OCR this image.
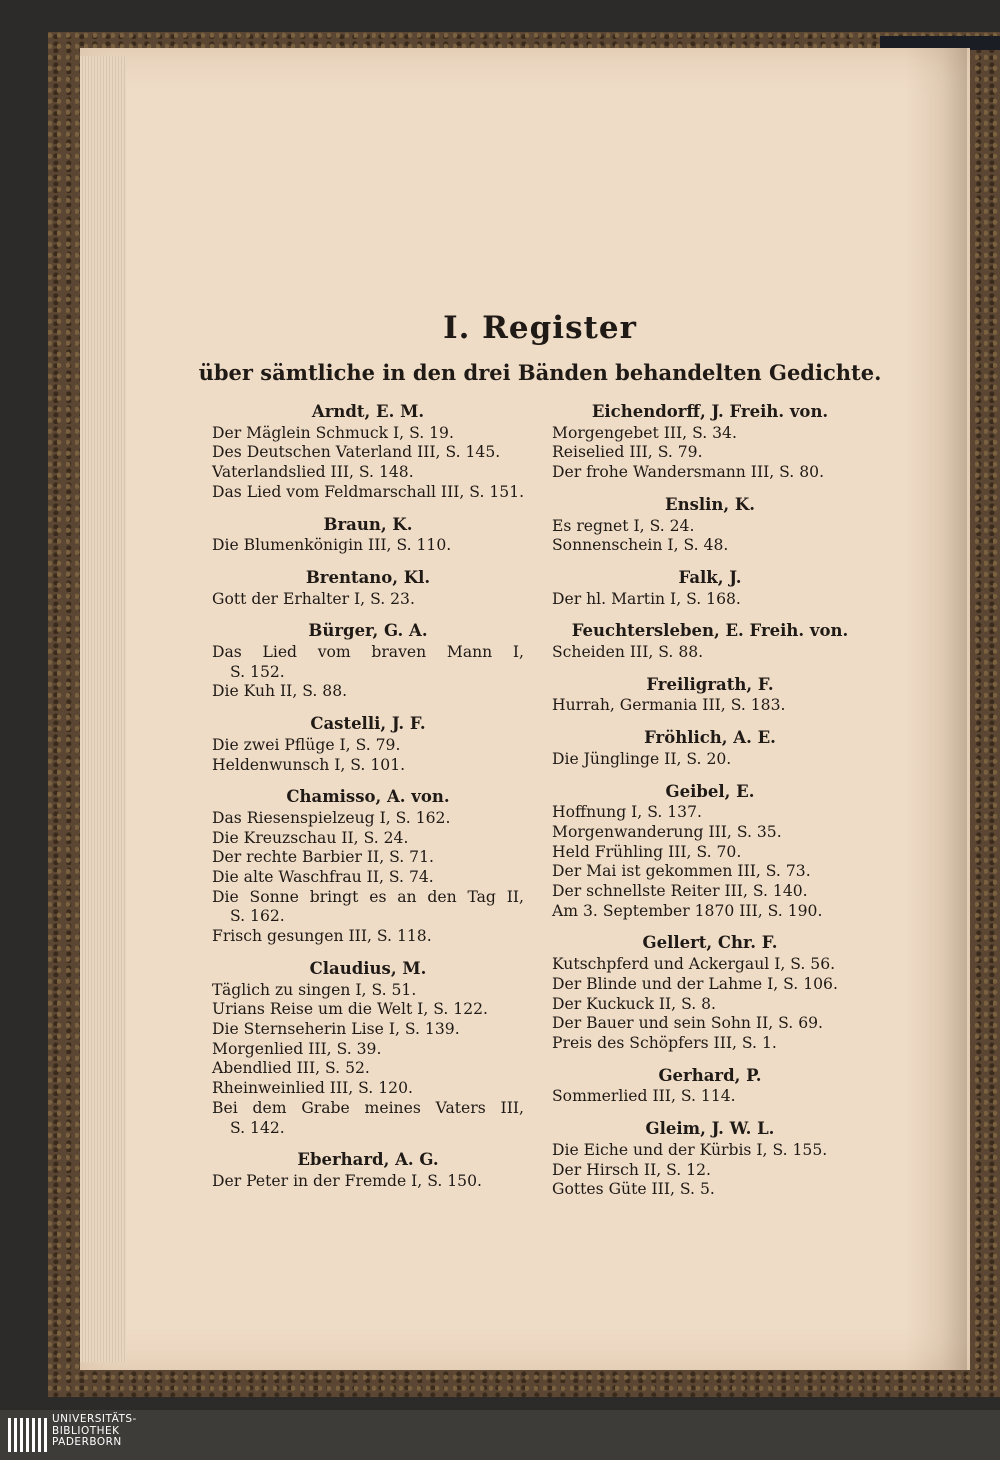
I. Register
über sämtliche in den drei Bänden behandelten Gedichte.
Arndt, E. M.
Der Mäglein Schmuck I, S. 19.
Des Deutschen Vaterland III, S. 145.
Vaterlandslied III, S. 148.
Das Lied vom Feldmarschall III, S. 151.
Braun, K.
Die Blumenkönigin III, S. 110.
Brentano, Kl.
Gott der Erhalter I, S. 23.
Bürger, G. A.
Das Lied vom braven Mann I,
S. 152.
Die Kuh II, S. 88.
Castelli, J. F.
Die zwei Pflüge I, S. 79.
Heldenwunsch I, S. 101.
Chamisso, A. von.
Das Riesenspielzeug I, S. 162.
Die Kreuzschau II, S. 24.
Der rechte Barbier II, S. 71.
Die alte Waschfrau II, S. 74.
Die Sonne bringt es an den Tag II,
S. 162.
Frisch gesungen III, S. 118.
Claudius, M.
Täglich zu singen I, S. 51.
Urians Reise um die Welt I, S. 122.
Die Sternseherin Lise I, S. 139.
Morgenlied III, S. 39.
Abendlied III, S. 52.
Rheinweinlied III, S. 120.
Bei dem Grabe meines Vaters III,
S. 142.
Eberhard, A. G.
Der Peter in der Fremde I, S. 150.
Eichendorff, J. Freih. von.
Morgengebet III, S. 34.
Reiselied III, S. 79.
Der frohe Wandersmann III, S. 80.
Enslin, K.
Es regnet I, S. 24.
Sonnenschein I, S. 48.
Falk, J.
Der hl. Martin I, S. 168.
Feuchtersleben, E. Freih. von.
Scheiden III, S. 88.
Freiligrath, F.
Hurrah, Germania III, S. 183.
Fröhlich, A. E.
Die Jünglinge II, S. 20.
Geibel, E.
Hoffnung I, S. 137.
Morgenwanderung III, S. 35.
Held Frühling III, S. 70.
Der Mai ist gekommen III, S. 73.
Der schnellste Reiter III, S. 140.
Am 3. September 1870 III, S. 190.
Gellert, Chr. F.
Kutschpferd und Ackergaul I, S. 56.
Der Blinde und der Lahme I, S. 106.
Der Kuckuck II, S. 8.
Der Bauer und sein Sohn II, S. 69.
Preis des Schöpfers III, S. 1.
Gerhard, P.
Sommerlied III, S. 114.
Gleim, J. W. L.
Die Eiche und der Kürbis I, S. 155.
Der Hirsch II, S. 12.
Gottes Güte III, S. 5.
UNIVERSITÄTS-
BIBLIOTHEK
PADERBORN
